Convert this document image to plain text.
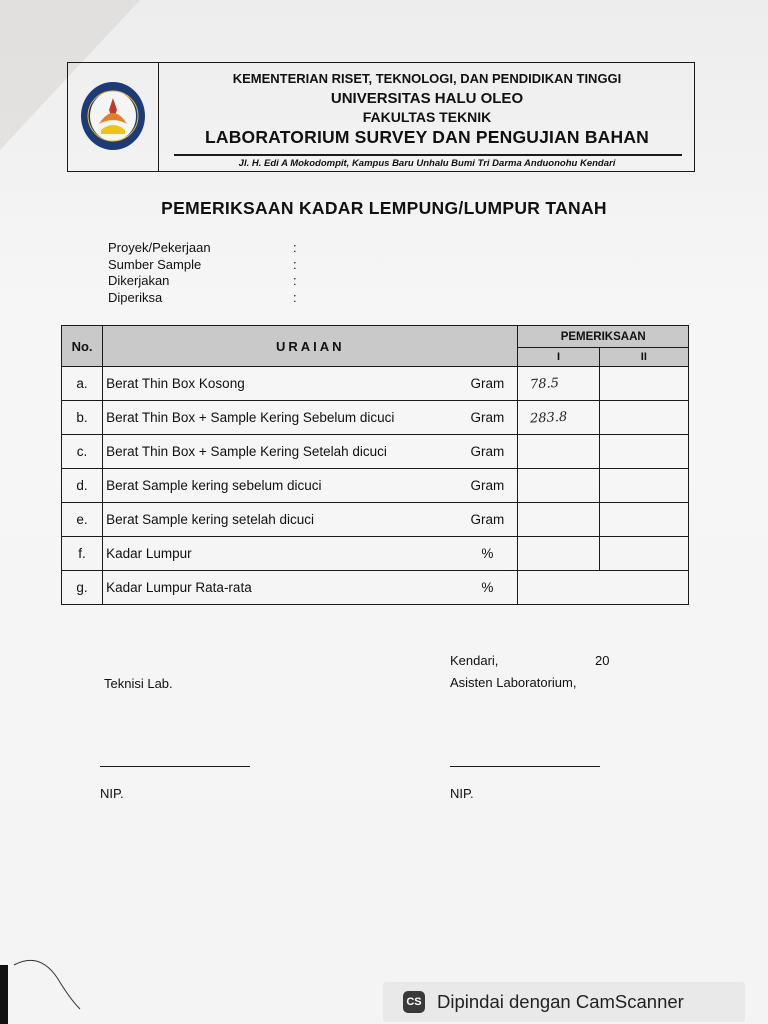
KEMENTERIAN RISET, TEKNOLOGI, DAN PENDIDIKAN TINGGI
UNIVERSITAS HALU OLEO
FAKULTAS TEKNIK
LABORATORIUM SURVEY DAN PENGUJIAN BAHAN
Jl. H. Edi A Mokodompit, Kampus Baru Unhalu Bumi Tri Darma Anduonohu Kendari
PEMERIKSAAN KADAR LEMPUNG/LUMPUR TANAH
Proyek/Pekerjaan	:
Sumber Sample	:
Dikerjakan	:
Diperiksa	:
No.	URAIAN		PEMERIKSAAN	
			I	II
a.	Berat Thin Box Kosong	Gram	78.5	
b.	Berat Thin Box + Sample Kering Sebelum dicuci	Gram	283.8	
c.	Berat Thin Box + Sample Kering Setelah dicuci	Gram		
d.	Berat Sample kering sebelum dicuci	Gram		
e.	Berat Sample kering setelah dicuci	Gram		
f.	Kadar Lumpur	%		
g.	Kadar Lumpur Rata-rata	%		
Kendari,	20
Teknisi Lab.	Asisten Laboratorium,
NIP.	NIP.
CS Dipindai dengan CamScanner
